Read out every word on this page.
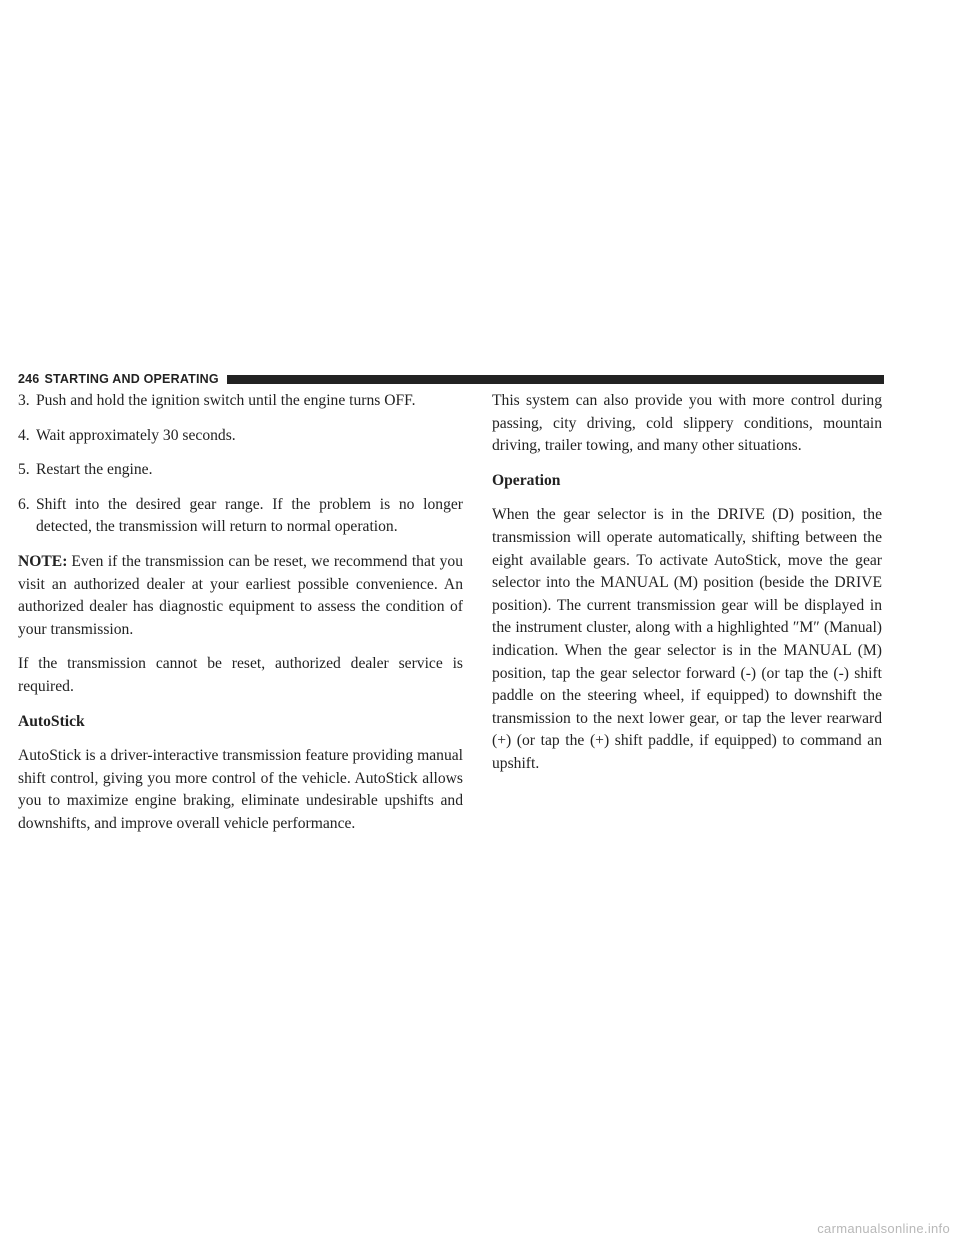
246 STARTING AND OPERATING
3. Push and hold the ignition switch until the engine turns OFF.
4. Wait approximately 30 seconds.
5. Restart the engine.
6. Shift into the desired gear range. If the problem is no longer detected, the transmission will return to normal operation.

NOTE: Even if the transmission can be reset, we recommend that you visit an authorized dealer at your earliest possible convenience. An authorized dealer has diagnostic equipment to assess the condition of your transmission.

If the transmission cannot be reset, authorized dealer service is required.

AutoStick

AutoStick is a driver-interactive transmission feature providing manual shift control, giving you more control of the vehicle. AutoStick allows you to maximize engine braking, eliminate undesirable upshifts and downshifts, and improve overall vehicle performance.

This system can also provide you with more control during passing, city driving, cold slippery conditions, mountain driving, trailer towing, and many other situations.

Operation

When the gear selector is in the DRIVE (D) position, the transmission will operate automatically, shifting between the eight available gears. To activate AutoStick, move the gear selector into the MANUAL (M) position (beside the DRIVE position). The current transmission gear will be displayed in the instrument cluster, along with a highlighted ″M″ (Manual) indication. When the gear selector is in the MANUAL (M) position, tap the gear selector forward (-) (or tap the (-) shift paddle on the steering wheel, if equipped) to downshift the transmission to the next lower gear, or tap the lever rearward (+) (or tap the (+) shift paddle, if equipped) to command an upshift.

carmanualsonline.info
